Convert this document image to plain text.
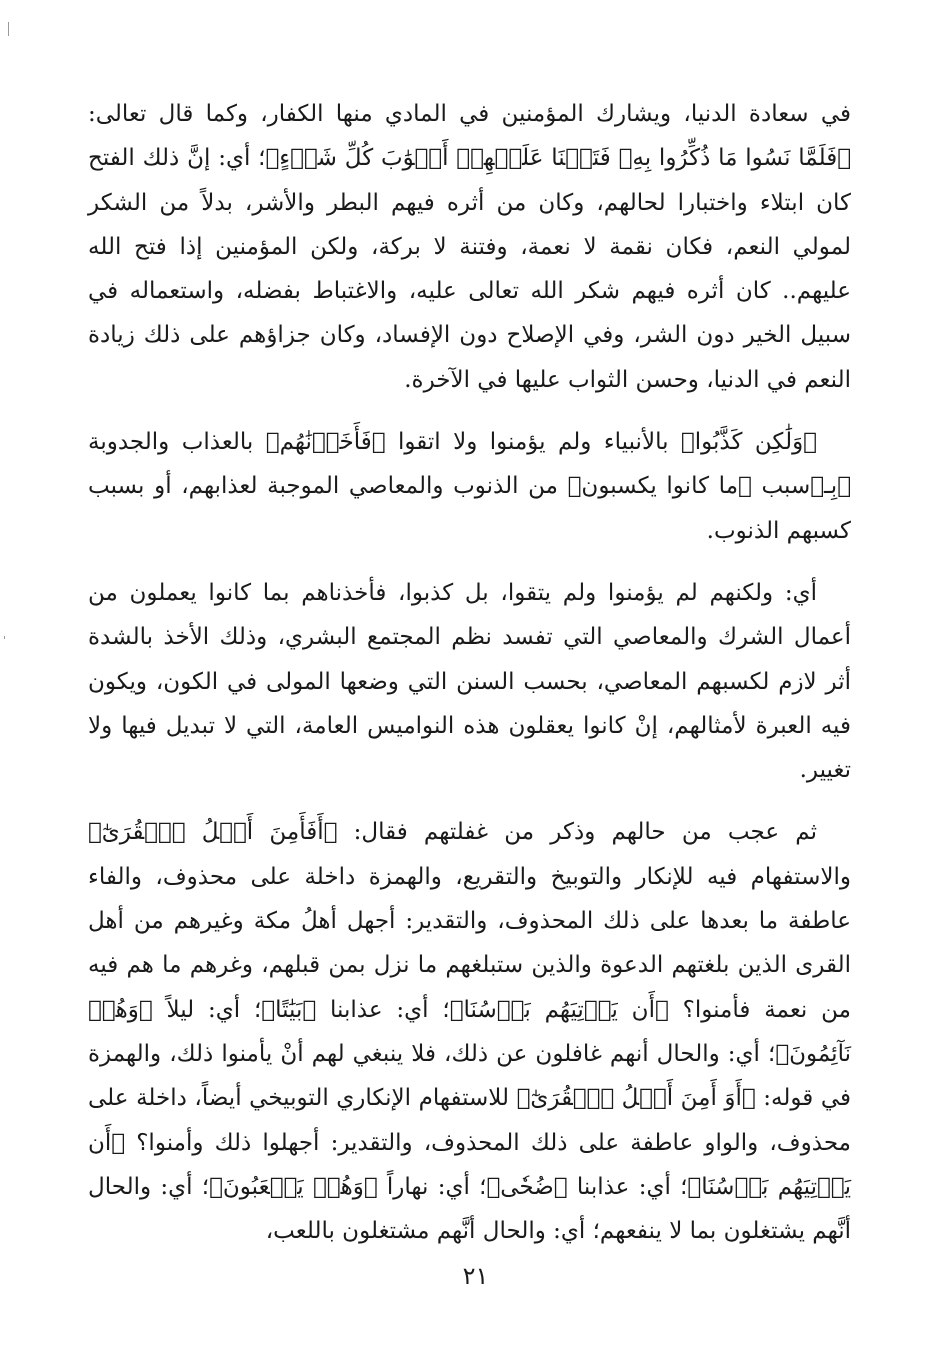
في سعادة الدنيا، ويشارك المؤمنين في المادي منها الكفار، وكما قال تعالى: ﴿فَلَمَّا نَسُوا مَا ذُكِّرُوا بِهِۦ فَتَحۡنَا عَلَيۡهِمۡ أَبۡوَٰبَ كُلِّ شَيۡءٍ﴾؛ أي: إنَّ ذلك الفتح كان ابتلاء واختبارا لحالهم، وكان من أثره فيهم البطر والأشر، بدلاً من الشكر لمولي النعم، فكان نقمة لا نعمة، وفتنة لا بركة، ولكن المؤمنين إذا فتح الله عليهم.. كان أثره فيهم شكر الله تعالى عليه، والاغتباط بفضله، واستعماله في سبيل الخير دون الشر، وفي الإصلاح دون الإفساد، وكان جزاؤهم على ذلك زيادة النعم في الدنيا، وحسن الثواب عليها في الآخرة.

﴿وَلَٰكِن كَذَّبُوا﴾ بالأنبياء ولم يؤمنوا ولا اتقوا ﴿فَأَخَذۡنَٰهُم﴾ بالعذاب والجدوبة ﴿بِـ﴾سبب ﴿ما كانوا يكسبون﴾ من الذنوب والمعاصي الموجبة لعذابهم، أو بسبب كسبهم الذنوب.

أي: ولكنهم لم يؤمنوا ولم يتقوا، بل كذبوا، فأخذناهم بما كانوا يعملون من أعمال الشرك والمعاصي التي تفسد نظم المجتمع البشري، وذلك الأخذ بالشدة أثر لازم لكسبهم المعاصي، بحسب السنن التي وضعها المولى في الكون، ويكون فيه العبرة لأمثالهم، إنْ كانوا يعقلون هذه النواميس العامة، التي لا تبديل فيها ولا تغيير.

ثم عجب من حالهم وذكر من غفلتهم فقال: ﴿أَفَأَمِنَ أَهۡلُ ٱلۡقُرَىٰٓ﴾ والاستفهام فيه للإنكار والتوبيخ والتقريع، والهمزة داخلة على محذوف، والفاء عاطفة ما بعدها على ذلك المحذوف، والتقدير: أجهل أهلُ مكة وغيرهم من أهل القرى الذين بلغتهم الدعوة والذين ستبلغهم ما نزل بمن قبلهم، وغرهم ما هم فيه من نعمة فأمنوا؟ ﴿أَن يَأۡتِيَهُم بَأۡسُنَا﴾؛ أي: عذابنا ﴿بَيَٰتًا﴾؛ أي: ليلاً ﴿وَهُمۡ نَآئِمُونَ﴾؛ أي: والحال أنهم غافلون عن ذلك، فلا ينبغي لهم أنْ يأمنوا ذلك، والهمزة في قوله: ﴿أَوَ أَمِنَ أَهۡلُ ٱلۡقُرَىٰٓ﴾ للاستفهام الإنكاري التوبيخي أيضاً، داخلة على محذوف، والواو عاطفة على ذلك المحذوف، والتقدير: أجهلوا ذلك وأمنوا؟ ﴿أَن يَأۡتِيَهُم بَأۡسُنَا﴾؛ أي: عذابنا ﴿ضُحٗى﴾؛ أي: نهاراً ﴿وَهُمۡ يَلۡعَبُونَ﴾؛ أي: والحال أنَّهم يشتغلون بما لا ينفعهم؛ أي: والحال أنَّهم مشتغلون باللعب،

٢١
